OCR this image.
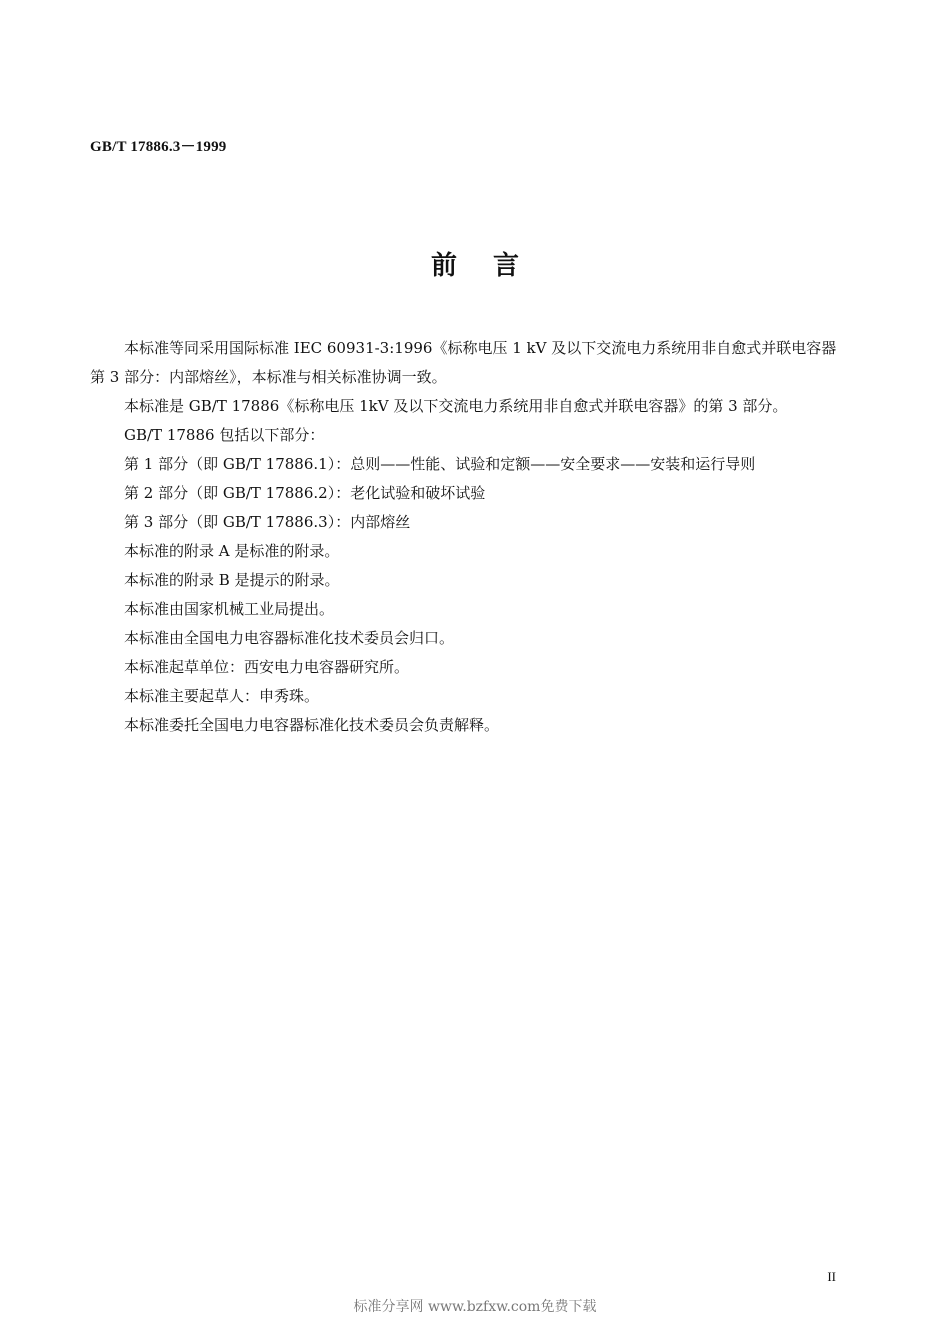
GB/T 17886.3－1999
前言

本标准等同采用国际标准 IEC 60931-3:1996《标称电压 1 kV 及以下交流电力系统用非自愈式并联电容器　第 3 部分：内部熔丝》，本标准与相关标准协调一致。

本标准是 GB/T 17886《标称电压 1kV 及以下交流电力系统用非自愈式并联电容器》的第 3 部分。

GB/T 17886 包括以下部分：

第 1 部分（即 GB/T 17886.1）：总则——性能、试验和定额——安全要求——安装和运行导则

第 2 部分（即 GB/T 17886.2）：老化试验和破坏试验

第 3 部分（即 GB/T 17886.3）：内部熔丝

本标准的附录 A 是标准的附录。

本标准的附录 B 是提示的附录。

本标准由国家机械工业局提出。

本标准由全国电力电容器标准化技术委员会归口。

本标准起草单位：西安电力电容器研究所。

本标准主要起草人：申秀珠。

本标准委托全国电力电容器标准化技术委员会负责解释。

II
标准分享网 www.bzfxw.com免费下载
